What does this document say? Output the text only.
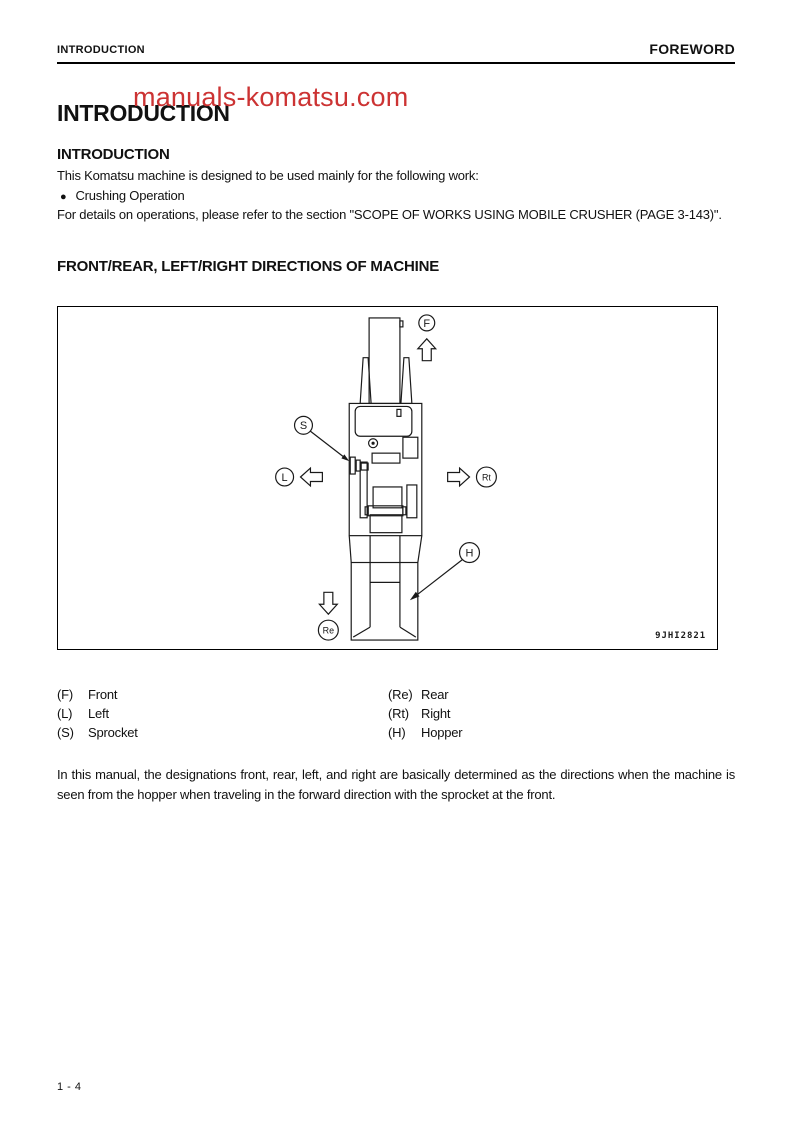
INTRODUCTION	FOREWORD
INTRODUCTION
manuals-komatsu.com
INTRODUCTION
This Komatsu machine is designed to be used mainly for the following work:
● Crushing Operation
For details on operations, please refer to the section "SCOPE OF WORKS USING MOBILE CRUSHER (PAGE 3-143)".
FRONT/REAR, LEFT/RIGHT DIRECTIONS OF MACHINE
F
S
L	Rt
H
Re
9JHI2821
(F)	Front	(Re) Rear
(L)	Left	(Rt) Right
(S)	Sprocket	(H)	Hopper
In this manual, the designations front, rear, left, and right are basically determined as the directions when the machine is seen from the hopper when traveling in the forward direction with the sprocket at the front.
1 - 4
